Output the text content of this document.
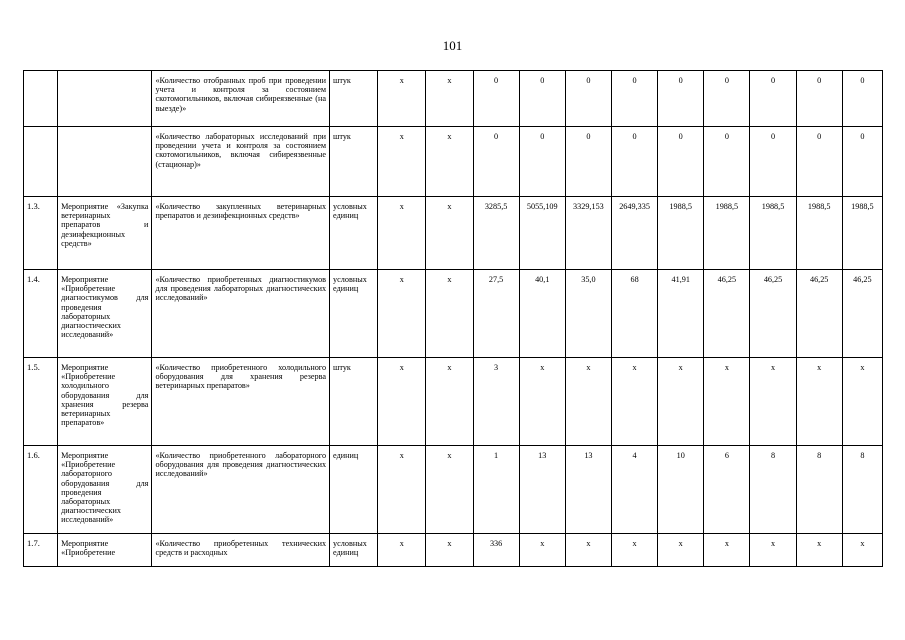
101
		«Количество отобранных проб при проведении учета и контроля за состоянием скотомогильников, включая сибиреязвенные (на выезде)»	штук	x	x	0	0	0	0	0	0	0	0	0
		«Количество лабораторных исследований при проведении учета и контроля за состоянием скотомогильников, включая сибиреязвенные (стационар)»	штук	x	x	0	0	0	0	0	0	0	0	0
1.3.	Мероприятие «Закупка ветеринарных препаратов и дезинфекционных средств»	«Количество закупленных ветеринарных препаратов и дезинфекционных средств»	условных единиц	x	x	3285,5	5055,109	3329,153	2649,335	1988,5	1988,5	1988,5	1988,5	1988,5
1.4.	Мероприятие «Приобретение диагностикумов для проведения лабораторных диагностических исследований»	«Количество приобретенных диагностикумов для проведения лабораторных диагностических исследований»	условных единиц	x	x	27,5	40,1	35,0	68	41,91	46,25	46,25	46,25	46,25
1.5.	Мероприятие «Приобретение холодильного оборудования для хранения резерва ветеринарных препаратов»	«Количество приобретенного холодильного оборудования для хранения резерва ветеринарных препаратов»	штук	x	x	3	x	x	x	x	x	x	x	x
1.6.	Мероприятие «Приобретение лабораторного оборудования для проведения лабораторных диагностических исследований»	«Количество приобретенного лабораторного оборудования для проведения диагностических исследований»	единиц	x	x	1	13	13	4	10	6	8	8	8
1.7.	Мероприятие «Приобретение	«Количество приобретенных технических средств и расходных	условных единиц	x	x	336	x	x	x	x	x	x	x	x
